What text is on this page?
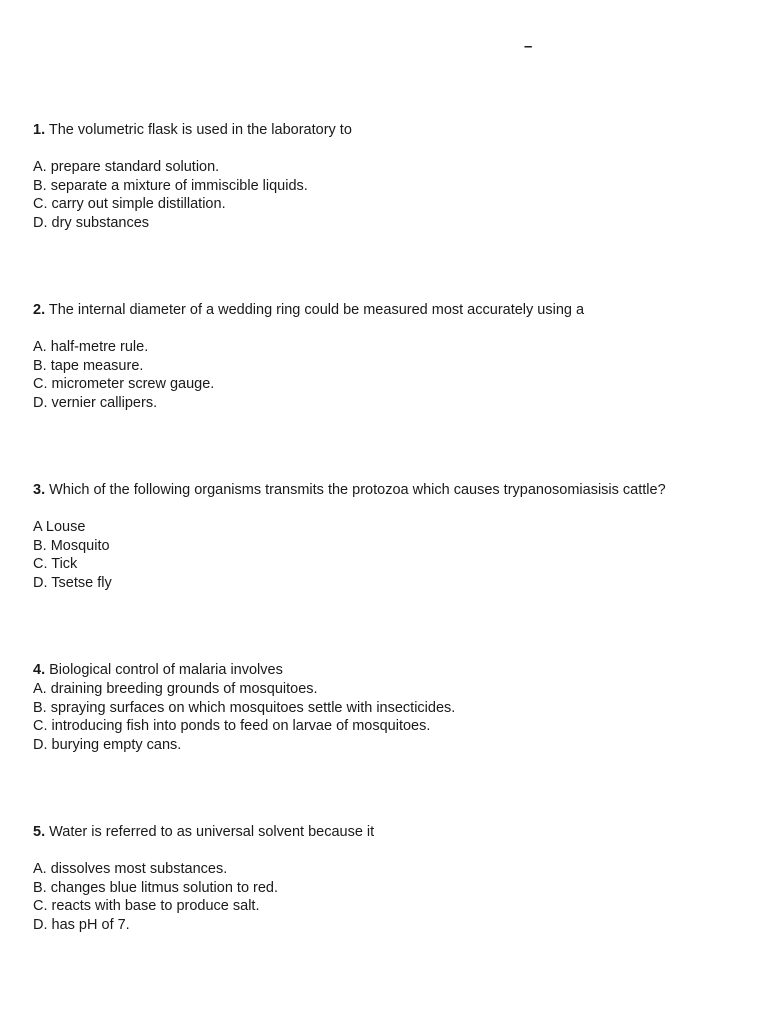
–
1. The volumetric flask is used in the laboratory to
A. prepare standard solution.
B. separate a mixture of immiscible liquids.
C. carry out simple distillation.
D. dry substances
2. The internal diameter of a wedding ring could be measured most accurately using a
A. half-metre rule.
B. tape measure.
C. micrometer screw gauge.
D. vernier callipers.
3. Which of the following organisms transmits the protozoa which causes trypanosomiasisis cattle?
A Louse
B. Mosquito
C. Tick
D. Tsetse fly
4. Biological control of malaria involves
A. draining breeding grounds of mosquitoes.
B. spraying surfaces on which mosquitoes settle with insecticides.
C. introducing fish into ponds to feed on larvae of mosquitoes.
D. burying empty cans.
5. Water is referred to as universal solvent because it
A. dissolves most substances.
B. changes blue litmus solution to red.
C. reacts with base to produce salt.
D. has pH of 7.
